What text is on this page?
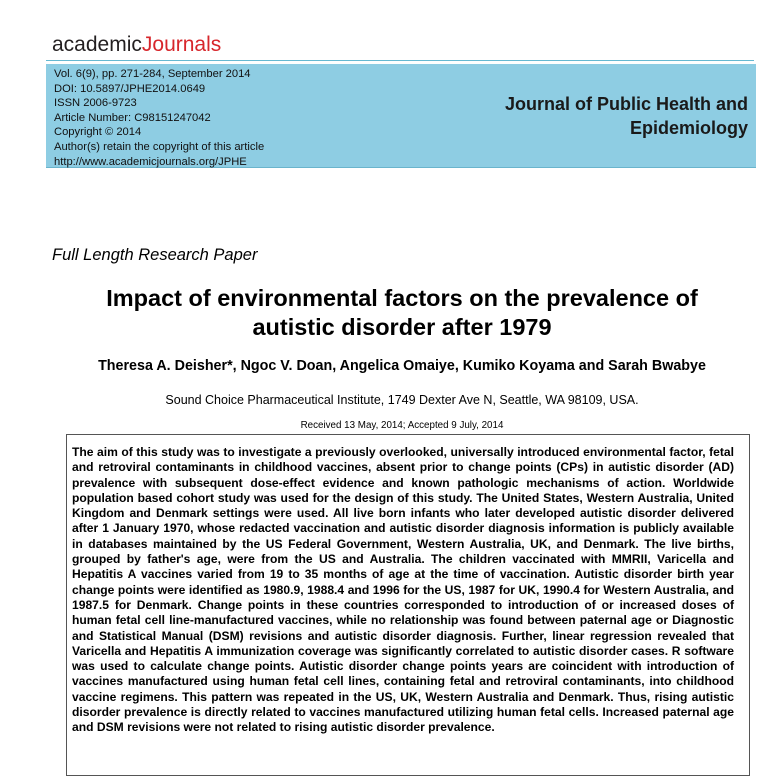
academicJournals
Vol. 6(9), pp. 271-284, September 2014
DOI: 10.5897/JPHE2014.0649
ISSN 2006-9723
Article Number: C98151247042
Copyright © 2014
Author(s) retain the copyright of this article
http://www.academicjournals.org/JPHE
Journal of Public Health and
Epidemiology
Full Length Research Paper
Impact of environmental factors on the prevalence of
autistic disorder after 1979
Theresa A. Deisher*, Ngoc V. Doan, Angelica Omaiye, Kumiko Koyama and Sarah Bwabye
Sound Choice Pharmaceutical Institute, 1749 Dexter Ave N, Seattle, WA 98109, USA.
Received 13 May, 2014; Accepted 9 July, 2014
The aim of this study was to investigate a previously overlooked, universally introduced environmental factor, fetal and retroviral contaminants in childhood vaccines, absent prior to change points (CPs) in autistic disorder (AD) prevalence with subsequent dose-effect evidence and known pathologic mechanisms of action. Worldwide population based cohort study was used for the design of this study. The United States, Western Australia, United Kingdom and Denmark settings were used. All live born infants who later developed autistic disorder delivered after 1 January 1970, whose redacted vaccination and autistic disorder diagnosis information is publicly available in databases maintained by the US Federal Government, Western Australia, UK, and Denmark. The live births, grouped by father's age, were from the US and Australia. The children vaccinated with MMRII, Varicella and Hepatitis A vaccines varied from 19 to 35 months of age at the time of vaccination. Autistic disorder birth year change points were identified as 1980.9, 1988.4 and 1996 for the US, 1987 for UK, 1990.4 for Western Australia, and 1987.5 for Denmark. Change points in these countries corresponded to introduction of or increased doses of human fetal cell line-manufactured vaccines, while no relationship was found between paternal age or Diagnostic and Statistical Manual (DSM) revisions and autistic disorder diagnosis. Further, linear regression revealed that Varicella and Hepatitis A immunization coverage was significantly correlated to autistic disorder cases. R software was used to calculate change points. Autistic disorder change points years are coincident with introduction of vaccines manufactured using human fetal cell lines, containing fetal and retroviral contaminants, into childhood vaccine regimens. This pattern was repeated in the US, UK, Western Australia and Denmark. Thus, rising autistic disorder prevalence is directly related to vaccines manufactured utilizing human fetal cells. Increased paternal age and DSM revisions were not related to rising autistic disorder prevalence.
